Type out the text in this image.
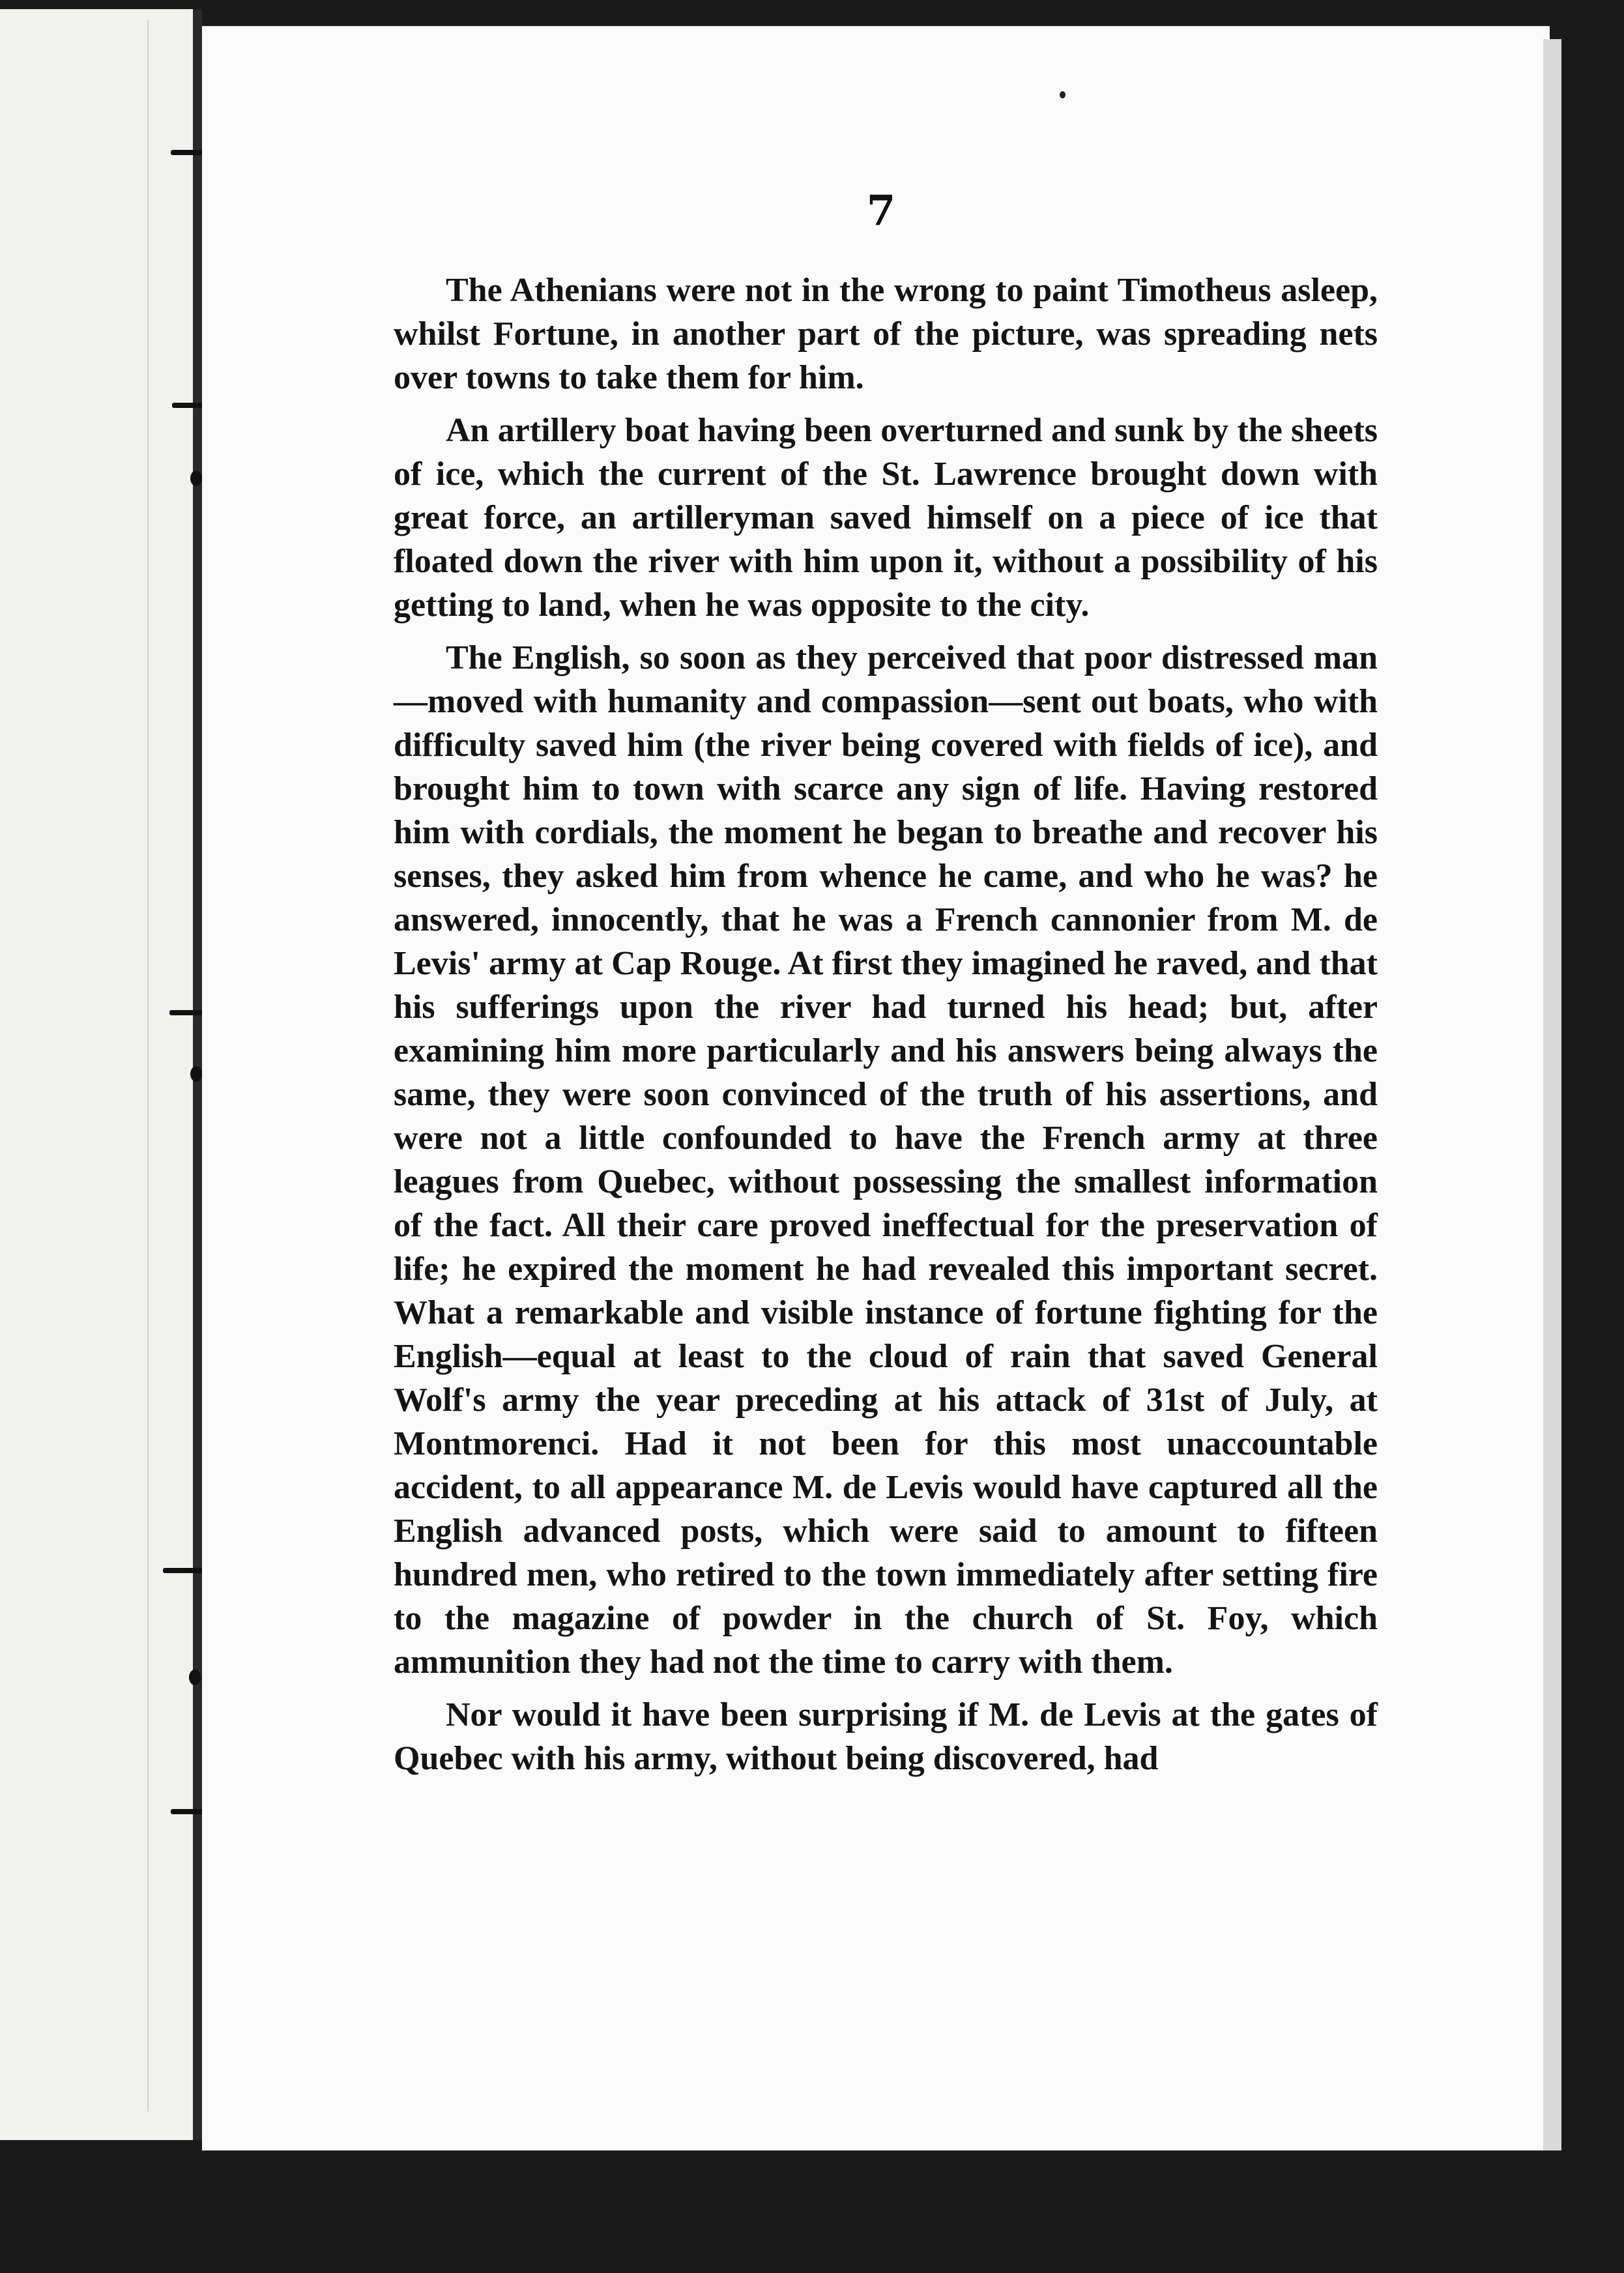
7

The Athenians were not in the wrong to paint Timotheus asleep, whilst Fortune, in another part of the picture, was spreading nets over towns to take them for him.

An artillery boat having been overturned and sunk by the sheets of ice, which the current of the St. Lawrence brought down with great force, an artilleryman saved himself on a piece of ice that floated down the river with him upon it, without a possibility of his getting to land, when he was opposite to the city.

The English, so soon as they perceived that poor distressed man—moved with humanity and compassion—sent out boats, who with difficulty saved him (the river being covered with fields of ice), and brought him to town with scarce any sign of life. Having restored him with cordials, the moment he began to breathe and recover his senses, they asked him from whence he came, and who he was? he answered, innocently, that he was a French cannonier from M. de Levis' army at Cap Rouge. At first they imagined he raved, and that his sufferings upon the river had turned his head; but, after examining him more particularly and his answers being always the same, they were soon convinced of the truth of his assertions, and were not a little confounded to have the French army at three leagues from Quebec, without possessing the smallest information of the fact. All their care proved ineffectual for the preservation of life; he expired the moment he had revealed this important secret. What a remarkable and visible instance of fortune fighting for the English—equal at least to the cloud of rain that saved General Wolf's army the year preceding at his attack of 31st of July, at Montmorenci. Had it not been for this most unaccountable accident, to all appearance M. de Levis would have captured all the English advanced posts, which were said to amount to fifteen hundred men, who retired to the town immediately after setting fire to the magazine of powder in the church of St. Foy, which ammunition they had not the time to carry with them.

Nor would it have been surprising if M. de Levis at the gates of Quebec with his army, without being discovered, had
